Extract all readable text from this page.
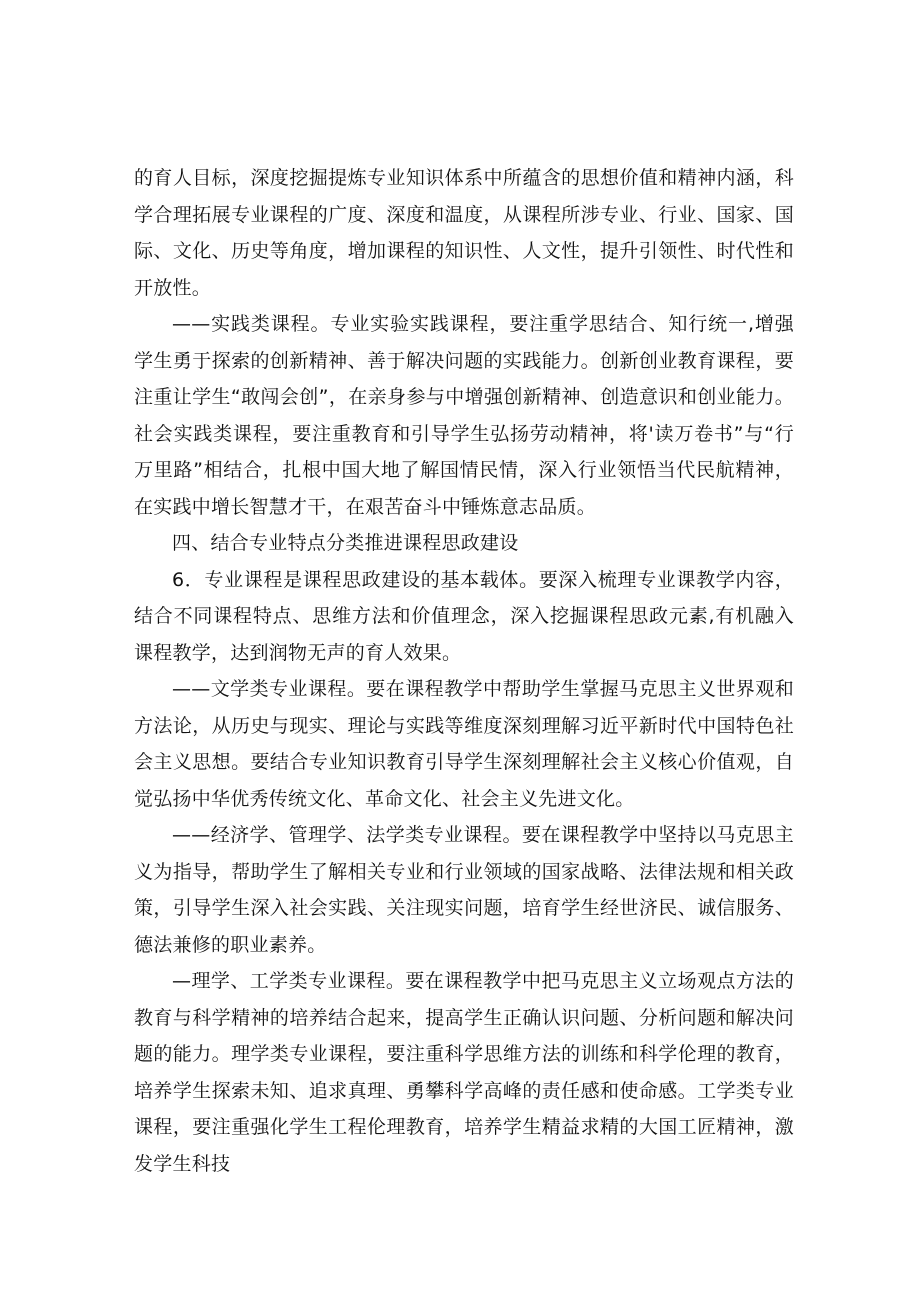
的育人目标，深度挖掘提炼专业知识体系中所蕴含的思想价值和精神内涵，科学合理拓展专业课程的广度、深度和温度，从课程所涉专业、行业、国家、国际、文化、历史等角度，增加课程的知识性、人文性，提升引领性、时代性和开放性。

——实践类课程。专业实验实践课程，要注重学思结合、知行统一,增强学生勇于探索的创新精神、善于解决问题的实践能力。创新创业教育课程，要注重让学生“敢闯会创”，在亲身参与中增强创新精神、创造意识和创业能力。社会实践类课程，要注重教育和引导学生弘扬劳动精神，将'读万卷书”与“行万里路”相结合，扎根中国大地了解国情民情，深入行业领悟当代民航精神，在实践中增长智慧才干，在艰苦奋斗中锤炼意志品质。

四、结合专业特点分类推进课程思政建设

6．专业课程是课程思政建设的基本载体。要深入梳理专业课教学内容，结合不同课程特点、思维方法和价值理念，深入挖掘课程思政元素,有机融入课程教学，达到润物无声的育人效果。

——文学类专业课程。要在课程教学中帮助学生掌握马克思主义世界观和方法论，从历史与现实、理论与实践等维度深刻理解习近平新时代中国特色社会主义思想。要结合专业知识教育引导学生深刻理解社会主义核心价值观，自觉弘扬中华优秀传统文化、革命文化、社会主义先进文化。

——经济学、管理学、法学类专业课程。要在课程教学中坚持以马克思主义为指导，帮助学生了解相关专业和行业领域的国家战略、法律法规和相关政策，引导学生深入社会实践、关注现实问题，培育学生经世济民、诚信服务、德法兼修的职业素养。

—理学、工学类专业课程。要在课程教学中把马克思主义立场观点方法的教育与科学精神的培养结合起来，提高学生正确认识问题、分析问题和解决问题的能力。理学类专业课程，要注重科学思维方法的训练和科学伦理的教育，培养学生探索未知、追求真理、勇攀科学高峰的责任感和使命感。工学类专业课程，要注重强化学生工程伦理教育，培养学生精益求精的大国工匠精神，激发学生科技
